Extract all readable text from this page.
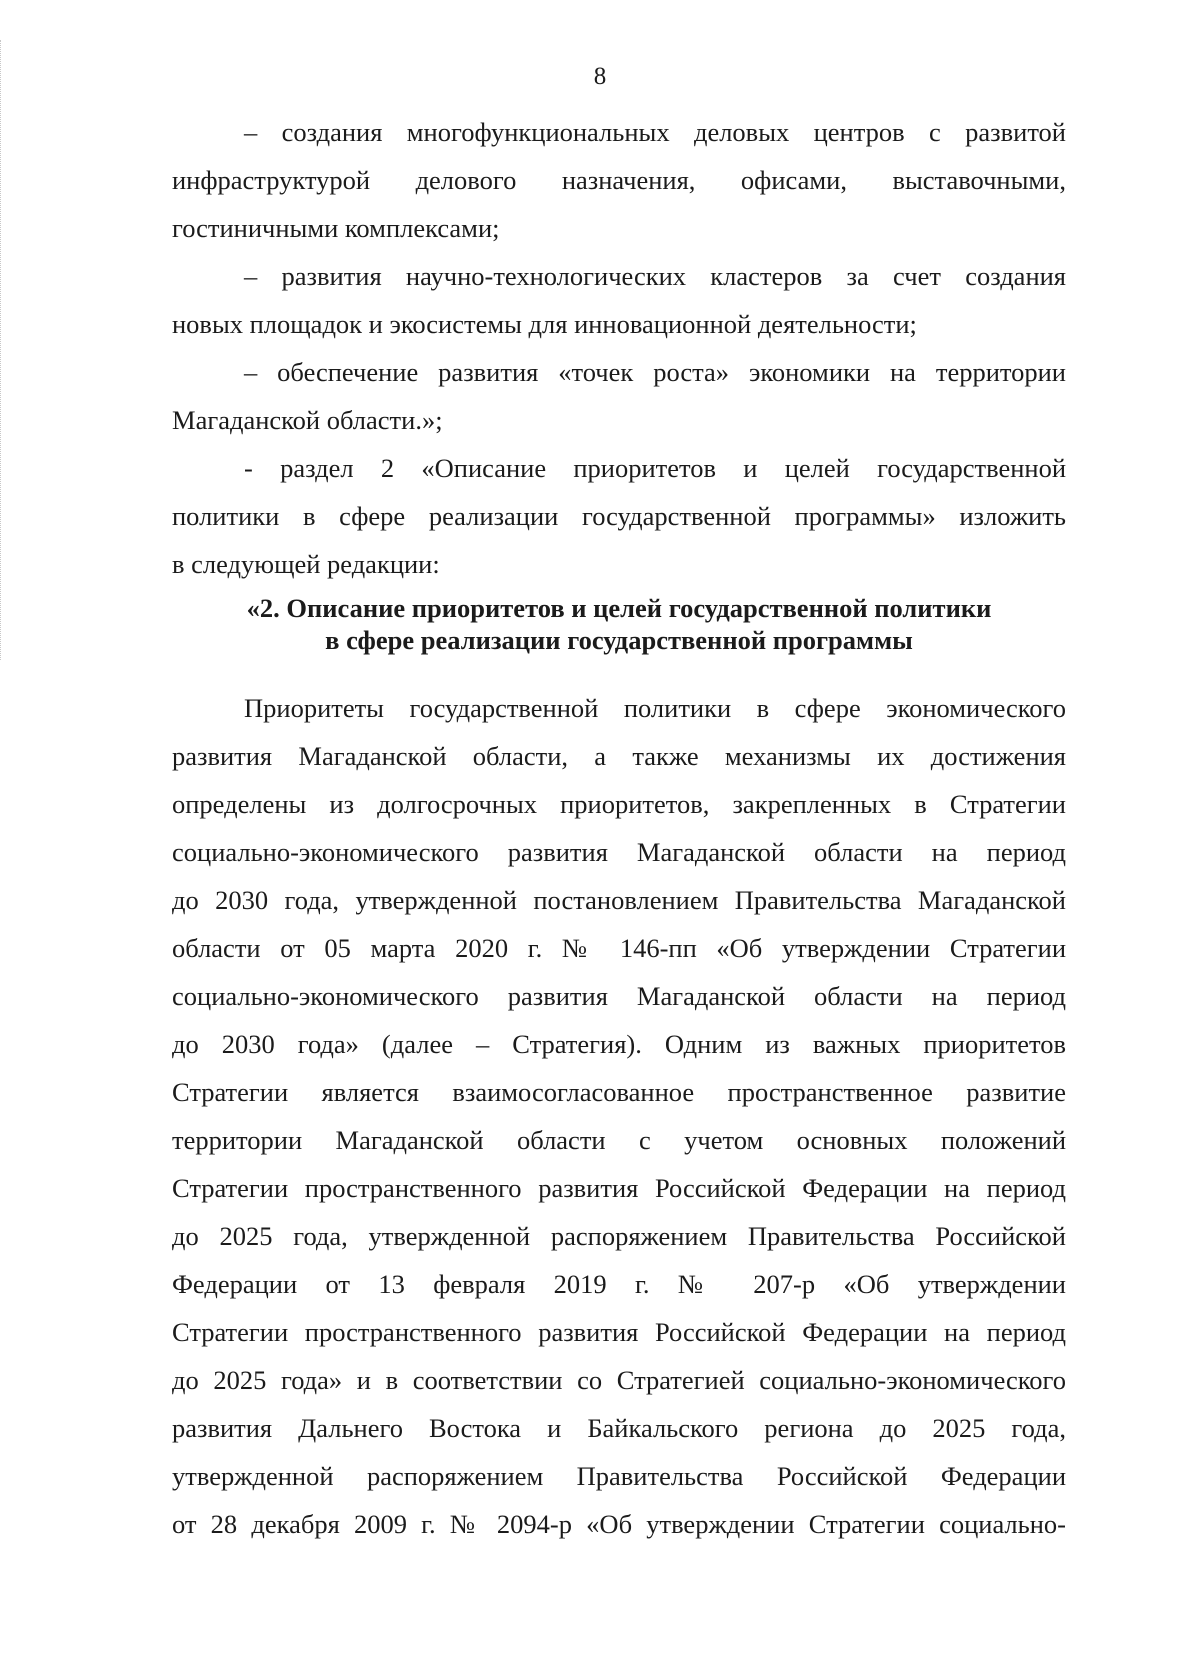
8
– создания многофункциональных деловых центров с развитой
инфраструктурой делового назначения, офисами, выставочными,
гостиничными комплексами;
– развития научно-технологических кластеров за счет создания
новых площадок и экосистемы для инновационной деятельности;
– обеспечение развития «точек роста» экономики на территории
Магаданской области.»;
- раздел 2 «Описание приоритетов и целей государственной
политики в сфере реализации государственной программы» изложить
в следующей редакции:
«2. Описание приоритетов и целей государственной политики
в сфере реализации государственной программы
Приоритеты государственной политики в сфере экономического
развития Магаданской области, а также механизмы их достижения
определены из долгосрочных приоритетов, закрепленных в Стратегии
социально-экономического развития Магаданской области на период
до 2030 года, утвержденной постановлением Правительства Магаданской
области от 05 марта 2020 г. № 146-пп «Об утверждении Стратегии
социально-экономического развития Магаданской области на период
до 2030 года» (далее – Стратегия). Одним из важных приоритетов
Стратегии является взаимосогласованное пространственное развитие
территории Магаданской области с учетом основных положений
Стратегии пространственного развития Российской Федерации на период
до 2025 года, утвержденной распоряжением Правительства Российской
Федерации от 13 февраля 2019 г. № 207-р «Об утверждении
Стратегии пространственного развития Российской Федерации на период
до 2025 года» и в соответствии со Стратегией социально-экономического
развития Дальнего Востока и Байкальского региона до 2025 года,
утвержденной распоряжением Правительства Российской Федерации
от 28 декабря 2009 г. № 2094-р «Об утверждении Стратегии социально-
